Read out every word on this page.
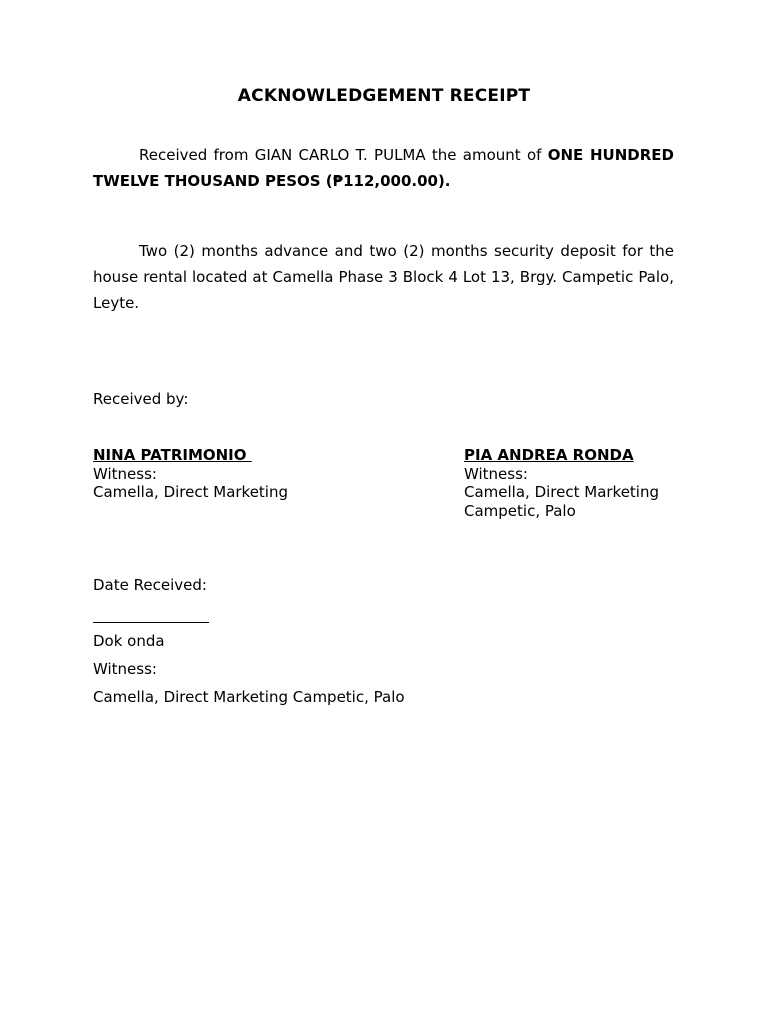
ACKNOWLEDGEMENT RECEIPT

Received from GIAN CARLO T. PULMA the amount of ONE HUNDRED TWELVE THOUSAND PESOS (₱112,000.00).

Two (2) months advance and two (2) months security deposit for the house rental located at Camella Phase 3 Block 4 Lot 13, Brgy. Campetic Palo, Leyte.

Received by:

NINA PATRIMONIO
Witness:
Camella, Direct Marketing
PIA ANDREA RONDA
Witness:
Camella, Direct Marketing
Campetic, Palo

Date Received:

Dok onda

Witness:

Camella, Direct Marketing Campetic, Palo
